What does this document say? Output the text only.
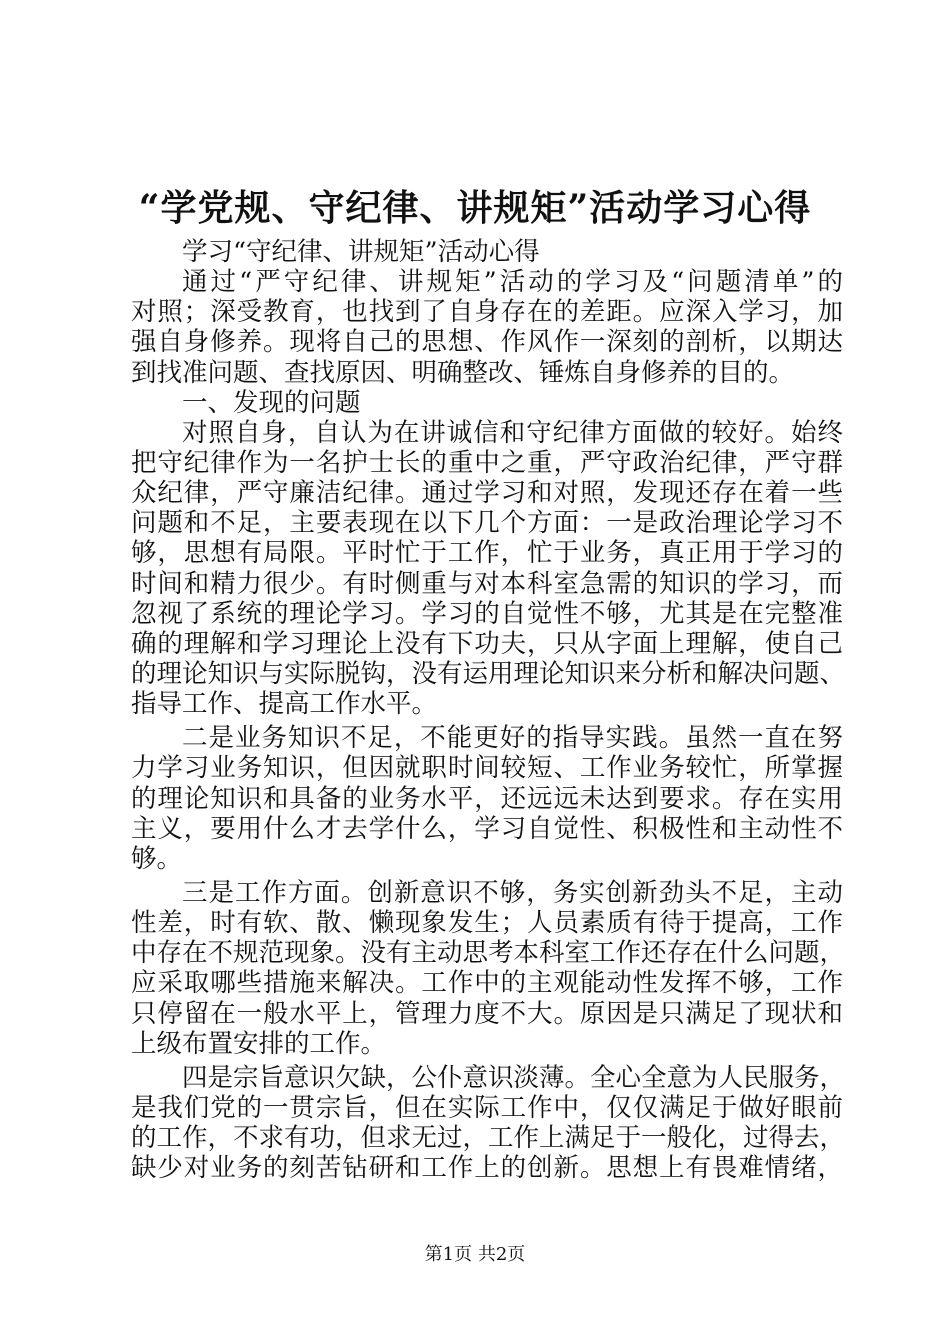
“学党规、守纪律、讲规矩”活动学习心得
学习“守纪律、讲规矩”活动心得
通过“严守纪律、讲规矩”活动的学习及“问题清单”的
对照；深受教育，也找到了自身存在的差距。应深入学习，加
强自身修养。现将自己的思想、作风作一深刻的剖析，以期达
到找准问题、查找原因、明确整改、锤炼自身修养的目的。
一、发现的问题
对照自身，自认为在讲诚信和守纪律方面做的较好。始终
把守纪律作为一名护士长的重中之重，严守政治纪律，严守群
众纪律，严守廉洁纪律。通过学习和对照，发现还存在着一些
问题和不足，主要表现在以下几个方面：一是政治理论学习不
够，思想有局限。平时忙于工作，忙于业务，真正用于学习的
时间和精力很少。有时侧重与对本科室急需的知识的学习，而
忽视了系统的理论学习。学习的自觉性不够，尤其是在完整准
确的理解和学习理论上没有下功夫，只从字面上理解，使自己
的理论知识与实际脱钩，没有运用理论知识来分析和解决问题、
指导工作、提高工作水平。
二是业务知识不足，不能更好的指导实践。虽然一直在努
力学习业务知识，但因就职时间较短、工作业务较忙，所掌握
的理论知识和具备的业务水平，还远远未达到要求。存在实用
主义，要用什么才去学什么，学习自觉性、积极性和主动性不
够。
三是工作方面。创新意识不够，务实创新劲头不足，主动
性差，时有软、散、懒现象发生；人员素质有待于提高，工作
中存在不规范现象。没有主动思考本科室工作还存在什么问题，
应采取哪些措施来解决。工作中的主观能动性发挥不够，工作
只停留在一般水平上，管理力度不大。原因是只满足了现状和
上级布置安排的工作。
四是宗旨意识欠缺，公仆意识淡薄。全心全意为人民服务，
是我们党的一贯宗旨，但在实际工作中，仅仅满足于做好眼前
的工作，不求有功，但求无过，工作上满足于一般化，过得去，
缺少对业务的刻苦钻研和工作上的创新。思想上有畏难情绪，
第1页 共2页
